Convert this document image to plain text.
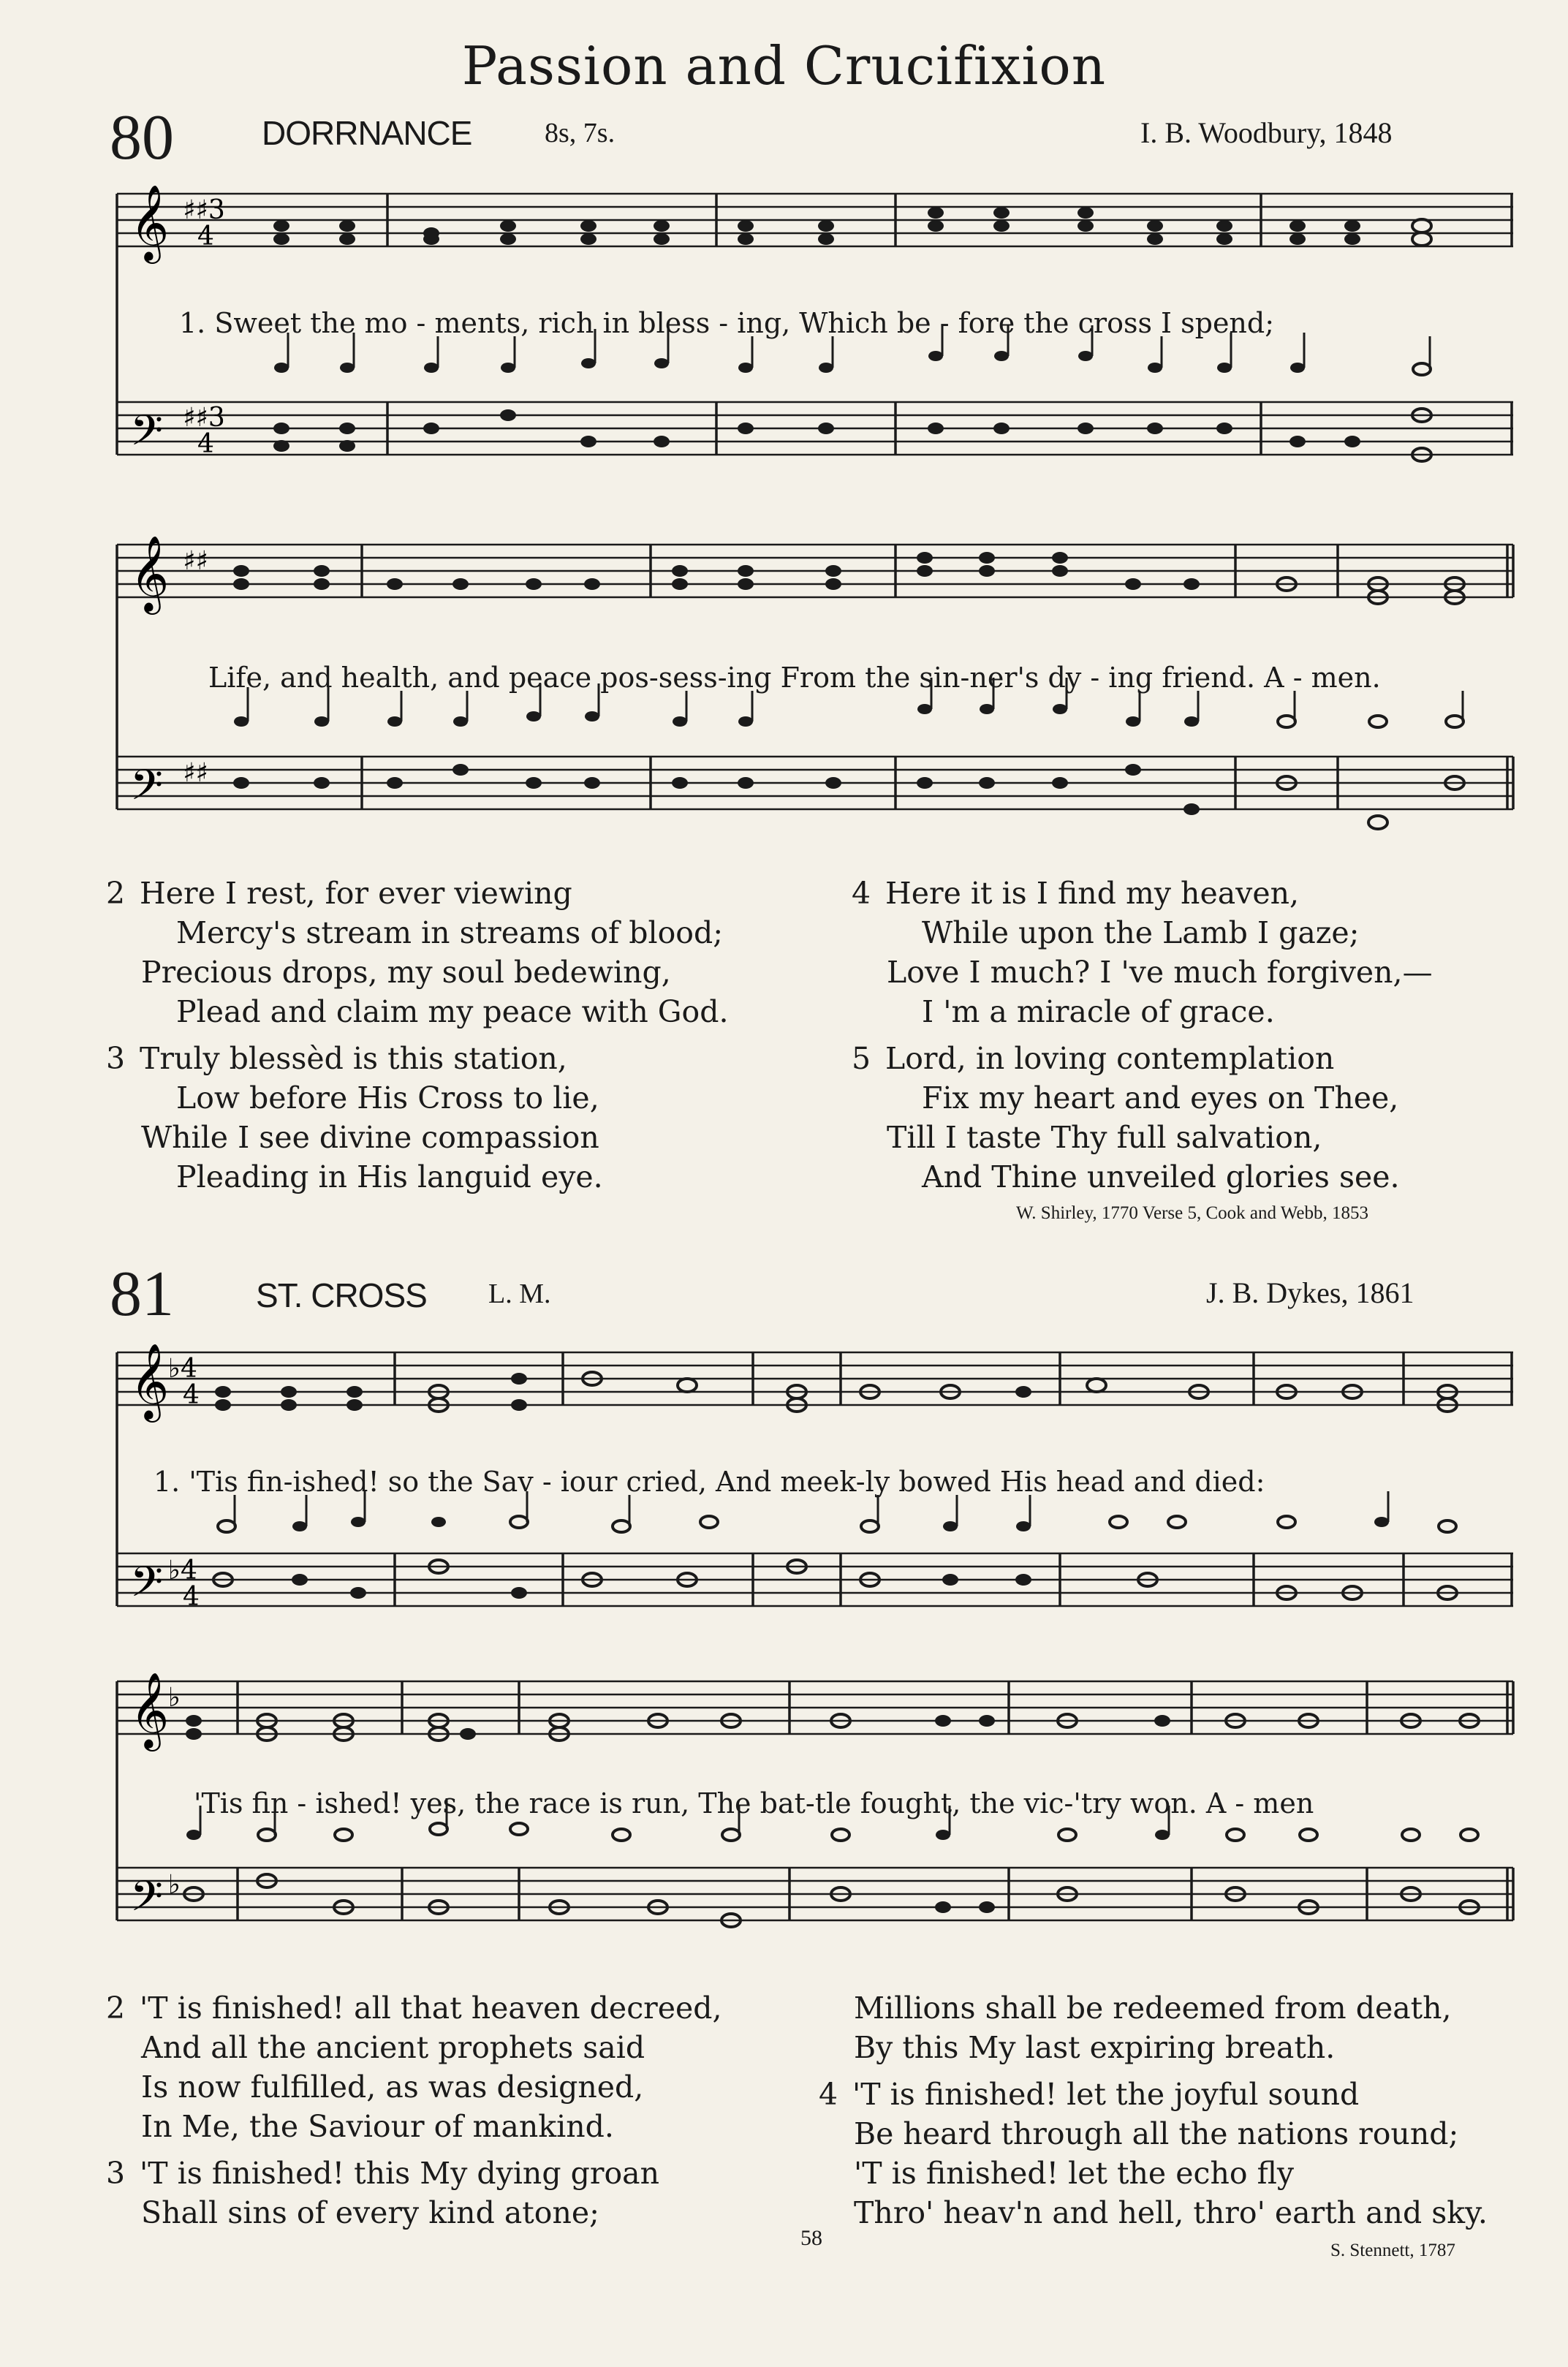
Passion and Crucifixion
80	DORRNANCE	8s, 7s.	I. B. Woodbury, 1848
𝄞
𝄢
♯♯3
4
♯♯3
4
1. Sweet the mo - ments, rich in bless - ing, Which be - fore the cross I spend;
𝄞
𝄢
♯♯
♯♯
Life, and health, and peace pos-sess-ing From the sin-ner's dy - ing friend. A - men.
2 Here I rest, for ever viewing
Mercy's stream in streams of blood;
Precious drops, my soul bedewing,
Plead and claim my peace with God.
3 Truly blessèd is this station,
Low before His Cross to lie,
While I see divine compassion
Pleading in His languid eye.
4 Here it is I find my heaven,
While upon the Lamb I gaze;
Love I much? I 've much forgiven,—
I 'm a miracle of grace.
5 Lord, in loving contemplation
Fix my heart and eyes on Thee,
Till I taste Thy full salvation,
And Thine unveiled glories see.
W. Shirley, 1770 Verse 5, Cook and Webb, 1853
81 ST. CROSS L. M.	J. B. Dykes, 1861
𝄞
𝄢
♭4
4
♭4
4
1. 'Tis fin-ished! so the Sav - iour cried, And meek-ly bowed His head and died:
𝄞
𝄢
♭
♭
'Tis fin - ished! yes, the race is run, The bat-tle fought, the vic-'try won. A - men
2 'T is finished! all that heaven decreed,
And all the ancient prophets said
Is now fulfilled, as was designed,
In Me, the Saviour of mankind.
3 'T is finished! this My dying groan
Shall sins of every kind atone;
Millions shall be redeemed from death,
By this My last expiring breath.
4 'T is finished! let the joyful sound
Be heard through all the nations round;
'T is finished! let the echo fly
Thro' heav'n and hell, thro' earth and sky.
58
S. Stennett, 1787
